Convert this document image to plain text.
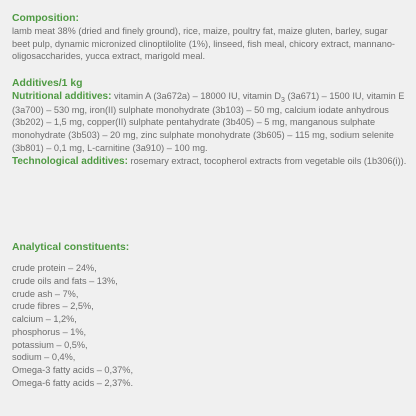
Composition:

lamb meat 38% (dried and finely ground), rice, maize, poultry fat, maize gluten, barley, sugar beet pulp, dynamic micronized clinoptilolite (1%), linseed, fish meal, chicory extract, mannano-oligosaccharides, yucca extract, marigold meal.

Additives/1 kg

Nutritional additives: vitamin A (3a672a) – 18000 IU, vitamin $D_3$ (3a671) – 1500 IU, vitamin E (3a700) – 530 mg, iron(II) sulphate monohydrate (3b103) – 50 mg, calcium iodate anhydrous (3b202) – 1,5 mg, copper(II) sulphate pentahydrate (3b405) – 5 mg, manganous sulphate monohydrate (3b503) – 20 mg, zinc sulphate monohydrate (3b605) – 115 mg, sodium selenite (3b801) – 0,1 mg, L-carnitine (3a910) – 100 mg.

Technological additives: rosemary extract, tocopherol extracts from vegetable oils (1b306(i)).

Analytical constituents:
crude protein – 24%,
crude oils and fats – 13%,
crude ash – 7%,
crude fibres – 2,5%,
calcium – 1,2%,
phosphorus – 1%,
potassium – 0,5%,
sodium – 0,4%,
Omega-3 fatty acids – 0,37%,
Omega-6 fatty acids – 2,37%.
